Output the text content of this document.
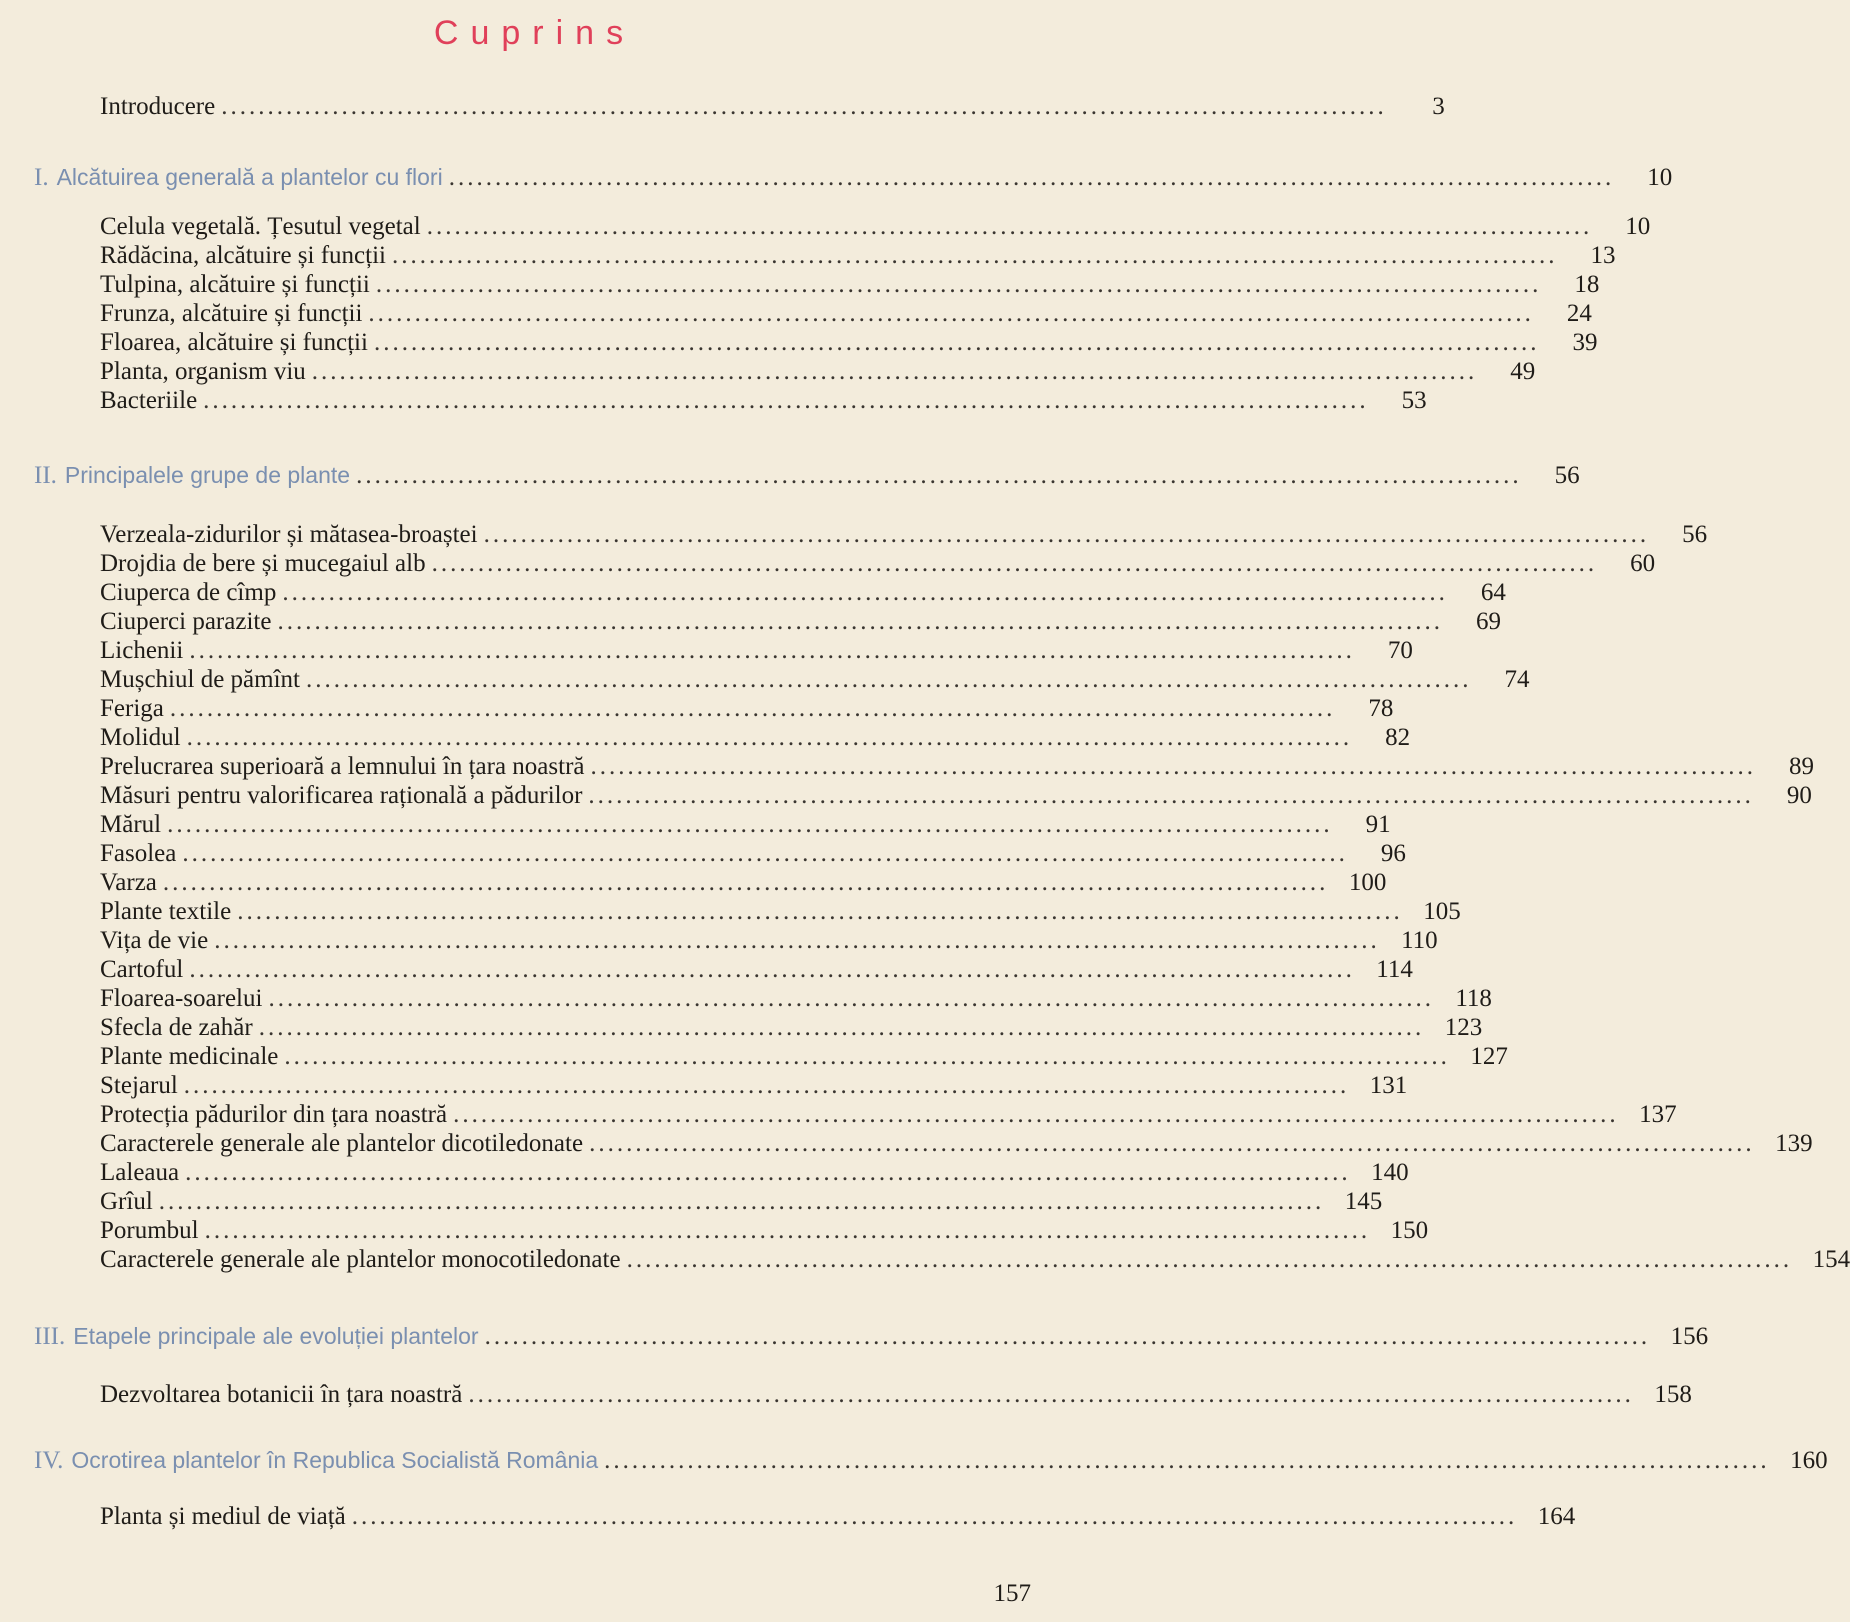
Cuprins
Introducere ..............................................................................................................................	3
I. Alcătuirea generală a plantelor cu flori ..............................................................................................................................	10
Celula vegetală. Țesutul vegetal ..............................................................................................................................	10
Rădăcina, alcătuire și funcții ..............................................................................................................................	13
Tulpina, alcătuire și funcții ..............................................................................................................................	18
Frunza, alcătuire și funcții ..............................................................................................................................	24
Floarea, alcătuire și funcții ..............................................................................................................................	39
Planta, organism viu ..............................................................................................................................	49
Bacteriile ..............................................................................................................................	53
II. Principalele grupe de plante ..............................................................................................................................	56
Verzeala-zidurilor și mătasea-broaștei ..............................................................................................................................	56
Drojdia de bere și mucegaiul alb ..............................................................................................................................	60
Ciuperca de cîmp ..............................................................................................................................	64
Ciuperci parazite ..............................................................................................................................	69
Lichenii ..............................................................................................................................	70
Mușchiul de pămînt ..............................................................................................................................	74
Feriga ..............................................................................................................................	78
Molidul ..............................................................................................................................	82
Prelucrarea superioară a lemnului în țara noastră ..............................................................................................................................	89
Măsuri pentru valorificarea rațională a pădurilor ..............................................................................................................................	90
Mărul ..............................................................................................................................	91
Fasolea ..............................................................................................................................	96
Varza .............................................................................................................................. 100
Plante textile .............................................................................................................................. 105
Vița de vie .............................................................................................................................. 110
Cartoful .............................................................................................................................. 114
Floarea-soarelui .............................................................................................................................. 118
Sfecla de zahăr .............................................................................................................................. 123
Plante medicinale .............................................................................................................................. 127
Stejarul .............................................................................................................................. 131
Protecția pădurilor din țara noastră .............................................................................................................................. 137
Caracterele generale ale plantelor dicotiledonate .............................................................................................................................. 139
Laleaua .............................................................................................................................. 140
Grîul .............................................................................................................................. 145
Porumbul .............................................................................................................................. 150
Caracterele generale ale plantelor monocotiledonate .............................................................................................................................. 154
III. Etapele principale ale evoluției plantelor .............................................................................................................................. 156
Dezvoltarea botanicii în țara noastră .............................................................................................................................. 158
IV. Ocrotirea plantelor în Republica Socialistă România .............................................................................................................................. 160
Planta și mediul de viață .............................................................................................................................. 164
157
